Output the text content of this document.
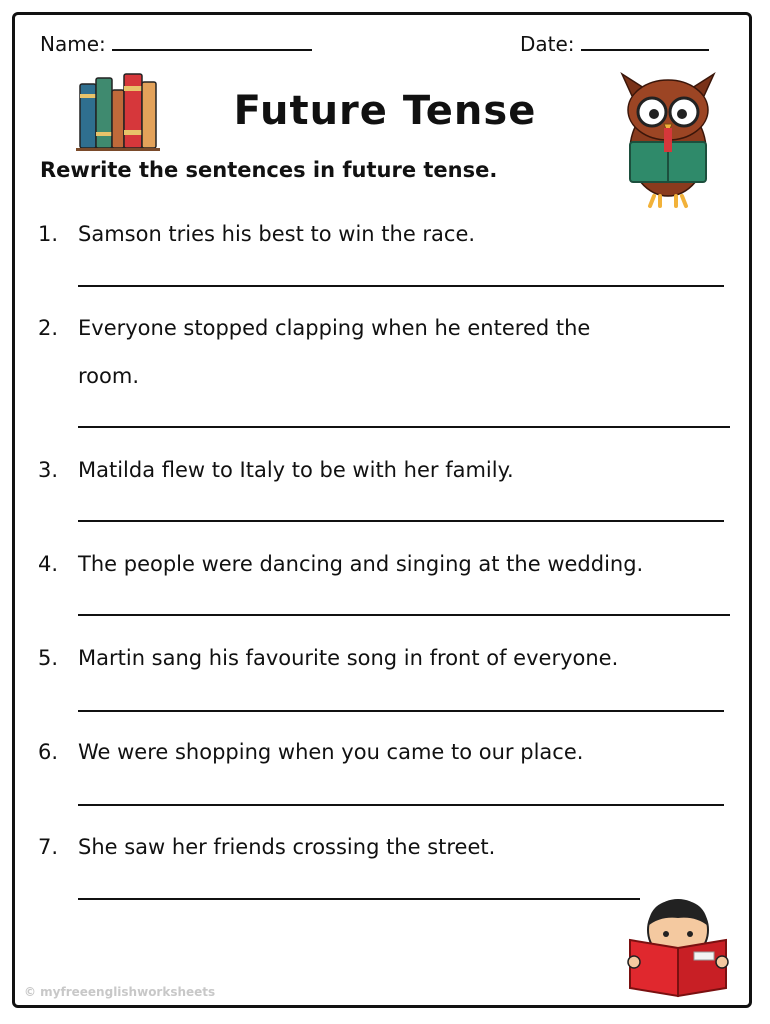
Name:	Date:
Future Tense
Rewrite the sentences in future tense.
1. Samson tries his best to win the race.
2. Everyone stopped clapping when he entered the
room.
3. Matilda flew to Italy to be with her family.
4. The people were dancing and singing at the wedding.
5. Martin sang his favourite song in front of everyone.
6. We were shopping when you came to our place.
7. She saw her friends crossing the street.
© myfreeenglishworksheets
